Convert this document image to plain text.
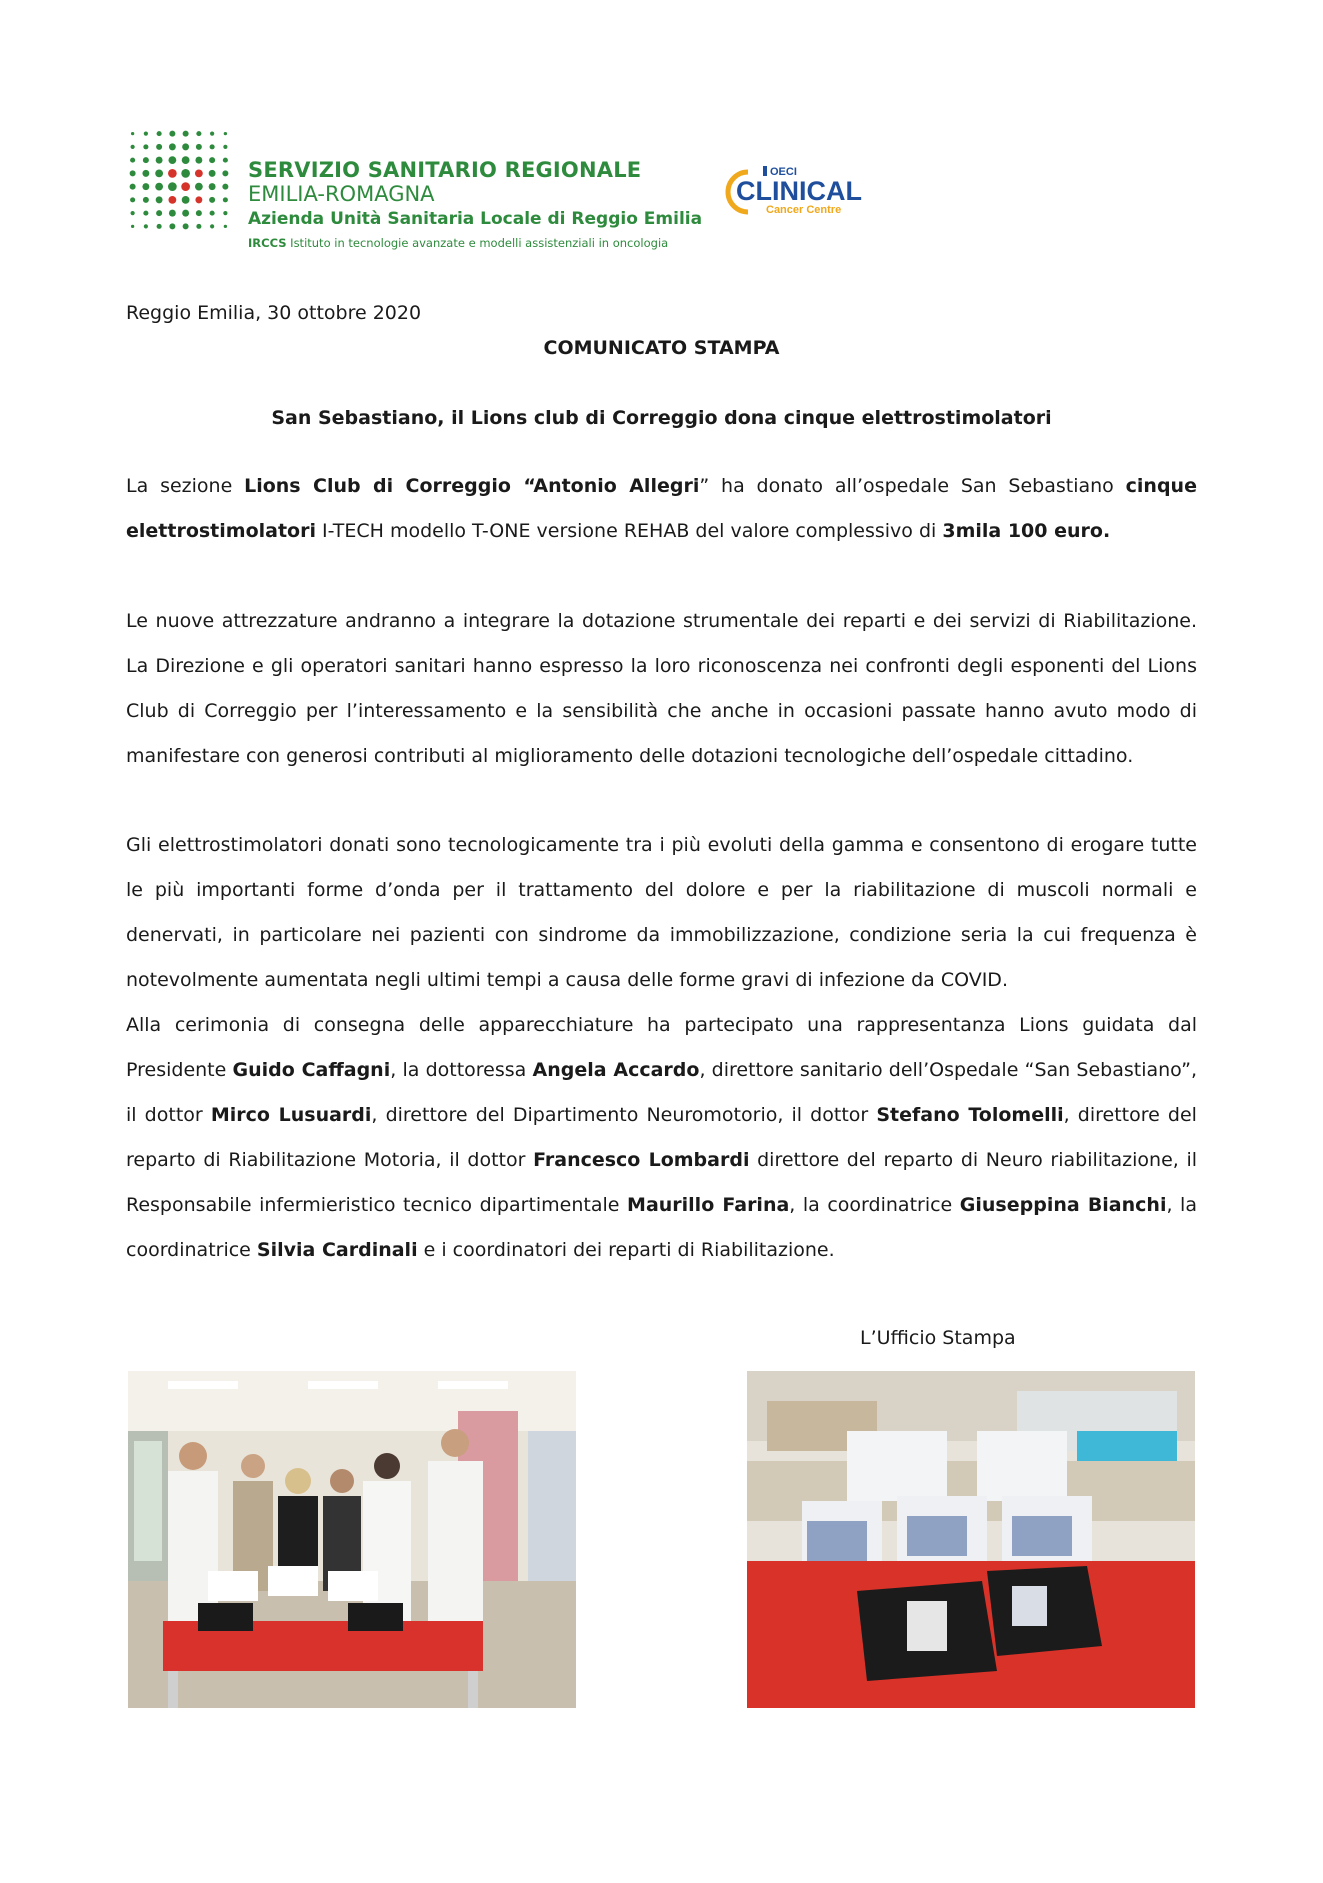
SERVIZIO SANITARIO REGIONALE
EMILIA-ROMAGNA
Azienda Unità Sanitaria Locale di Reggio Emilia
IRCCS Istituto in tecnologie avanzate e modelli assistenziali in oncologia
OECI
CLINICAL
Cancer Centre
Reggio Emilia, 30 ottobre 2020
COMUNICATO STAMPA
San Sebastiano, il Lions club di Correggio dona cinque elettrostimolatori
La sezione Lions Club di Correggio “Antonio Allegri” ha donato all’ospedale San Sebastiano cinque elettrostimolatori I-TECH modello T-ONE versione REHAB del valore complessivo di 3mila 100 euro.
Le nuove attrezzature andranno a integrare la dotazione strumentale dei reparti e dei servizi di Riabilitazione. La Direzione e gli operatori sanitari hanno espresso la loro riconoscenza nei confronti degli esponenti del Lions Club di Correggio per l’interessamento e la sensibilità che anche in occasioni passate hanno avuto modo di manifestare con generosi contributi al miglioramento delle dotazioni tecnologiche dell’ospedale cittadino.
Gli elettrostimolatori donati sono tecnologicamente tra i più evoluti della gamma e consentono di erogare tutte le più importanti forme d’onda per il trattamento del dolore e per la riabilitazione di muscoli normali e denervati, in particolare nei pazienti con sindrome da immobilizzazione, condizione seria la cui frequenza è notevolmente aumentata negli ultimi tempi a causa delle forme gravi di infezione da COVID.
Alla cerimonia di consegna delle apparecchiature ha partecipato una rappresentanza Lions guidata dal Presidente Guido Caffagni, la dottoressa Angela Accardo, direttore sanitario dell’Ospedale “San Sebastiano”, il dottor Mirco Lusuardi, direttore del Dipartimento Neuromotorio, il dottor Stefano Tolomelli, direttore del reparto di Riabilitazione Motoria, il dottor Francesco Lombardi direttore del reparto di Neuro riabilitazione, il Responsabile infermieristico tecnico dipartimentale Maurillo Farina, la coordinatrice Giuseppina Bianchi, la coordinatrice Silvia Cardinali e i coordinatori dei reparti di Riabilitazione.
L’Ufficio Stampa
